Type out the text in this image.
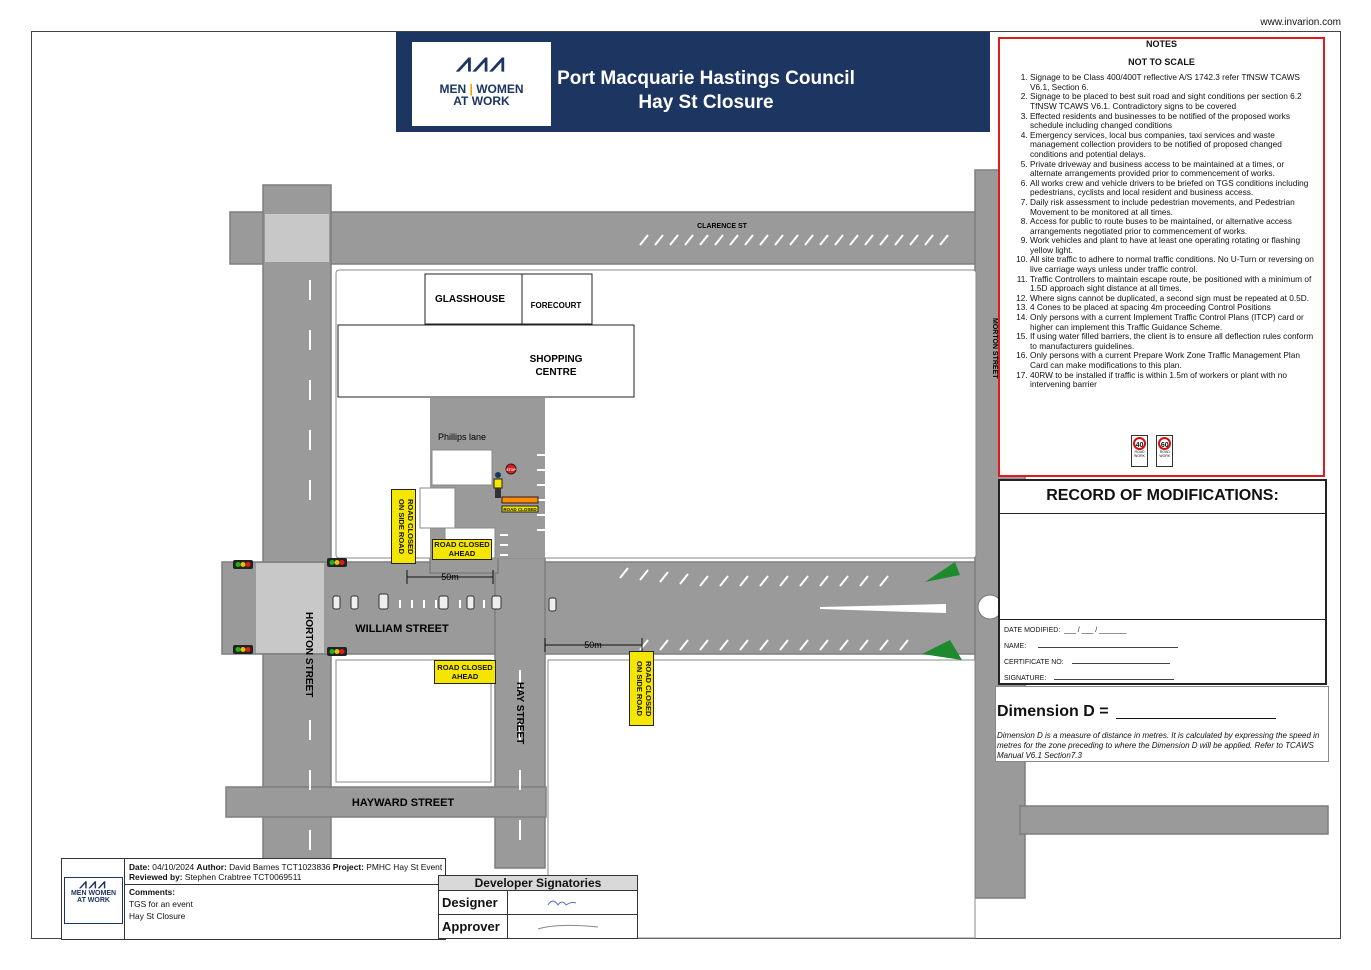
www.invarion.com
STOP
ROAD CLOSED
50m
50m
CLARENCE ST
WILLIAM STREET
HAYWARD STREET
HORTON STREET
HAY STREET
MORTON STREET
Phillips lane
GLASSHOUSE
FORECOURT
SHOPPING
CENTRE
ROAD CLOSED
AHEAD
ROAD CLOSED
AHEAD
ROAD CLOSED
ON SIDE ROAD
ROAD CLOSED
ON SIDE ROAD
⩘⩘⩘
MEN | WOMEN
AT WORK
Port Macquarie Hastings Council
Hay St Closure
NOTES
NOT TO SCALE
1. Signage to be Class 400/400T reflective A/S 1742.3 refer TfNSW TCAWS V6.1, Section 6.
2. Signage to be placed to best suit road and sight conditions per section 6.2 TfNSW TCAWS V6.1. Contradictory signs to be covered
3. Effected residents and businesses to be notified of the proposed works schedule including changed conditions
4. Emergency services, local bus companies, taxi services and waste management collection providers to be notified of proposed changed conditions and potential delays.
5. Private driveway and business access to be maintained at a times, or alternate arrangements provided prior to commencement of works.
6. All works crew and vehicle drivers to be briefed on TGS conditions including pedestrians, cyclists and local resident and business access.
7. Daily risk assessment to include pedestrian movements, and Pedestrian Movement to be monitored at all times.
8. Access for public to route buses to be maintained, or alternative access arrangements negotiated prior to commencement of works.
9. Work vehicles and plant to have at least one operating rotating or flashing yellow light.
10. All site traffic to adhere to normal traffic conditions. No U-Turn or reversing on live carriage ways unless under traffic control.
11. Traffic Controllers to maintain escape route, be positioned with a minimum of 1.5D approach sight distance at all times.
12. Where signs cannot be duplicated, a second sign must be repeated at 0.5D.
13. 4 Cones to be placed at spacing 4m proceeding Control Positions
14. Only persons with a current Implement Traffic Control Plans (ITCP) card or higher can implement this Traffic Guidance Scheme.
15. If using water filled barriers, the client is to ensure all deflection rules conform to manufacturers guidelines.
16. Only persons with a current Prepare Work Zone Traffic Management Plan Card can make modifications to this plan.
17. 40RW to be installed if traffic is within 1.5m of workers or plant with no intervening barrier
40
ROAD WORK

60
ROAD WORK
RECORD OF MODIFICATIONS:
DATE MODIFIED: ___ / ___ / _______
NAME:
CERTIFICATE NO:
SIGNATURE:
Dimension D =
Dimension D is a measure of distance in metres. It is calculated by expressing the speed in metres for the zone preceding to where the Dimension D will be applied. Refer to TCAWS Manual V6.1 Section7.3
⩘⩘⩘
MEN WOMEN
AT WORK
Date: 04/10/2024 Author: David Barnes TCT1023836 Project: PMHC Hay St Event
Reviewed by: Stephen Crabtree TCT0069511
Comments:
TGS for an event
Hay St Closure
Developer Signatories
Designer
Approver
